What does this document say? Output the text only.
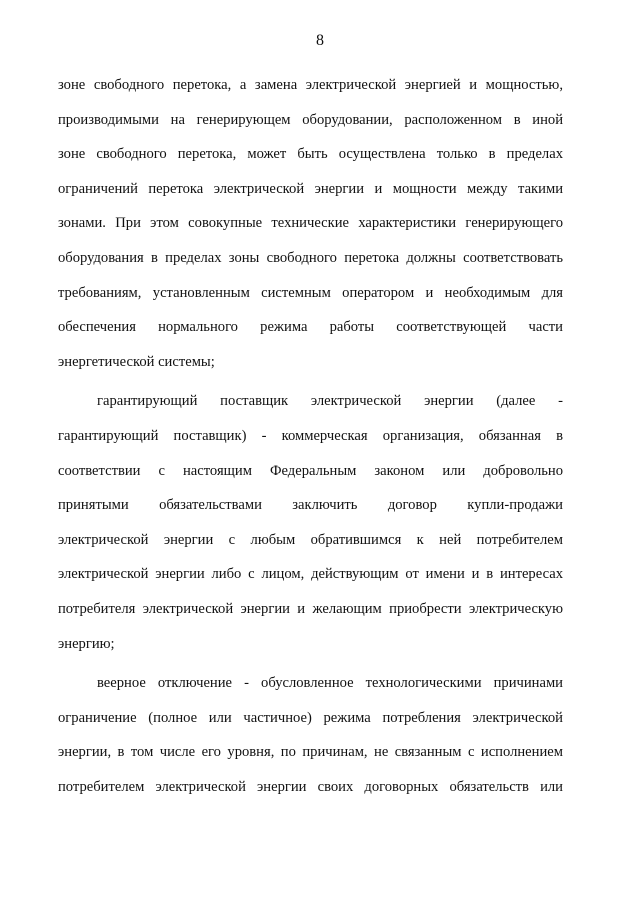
8
зоне свободного перетока, а замена электрической энергией и мощностью,
производимыми на генерирующем оборудовании, расположенном в иной
зоне свободного перетока, может быть осуществлена только в пределах
ограничений перетока электрической энергии и мощности между такими
зонами. При этом совокупные технические характеристики генерирующего
оборудования в пределах зоны свободного перетока должны соответствовать
требованиям, установленным системным оператором и необходимым для
обеспечения нормального режима работы соответствующей части
энергетической системы;
гарантирующий поставщик электрической энергии (далее -
гарантирующий поставщик) - коммерческая организация, обязанная в
соответствии с настоящим Федеральным законом или добровольно
принятыми обязательствами заключить договор купли-продажи
электрической энергии с любым обратившимся к ней потребителем
электрической энергии либо с лицом, действующим от имени и в интересах
потребителя электрической энергии и желающим приобрести электрическую
энергию;
веерное отключение - обусловленное технологическими причинами
ограничение (полное или частичное) режима потребления электрической
энергии, в том числе его уровня, по причинам, не связанным с исполнением
потребителем электрической энергии своих договорных обязательств или
